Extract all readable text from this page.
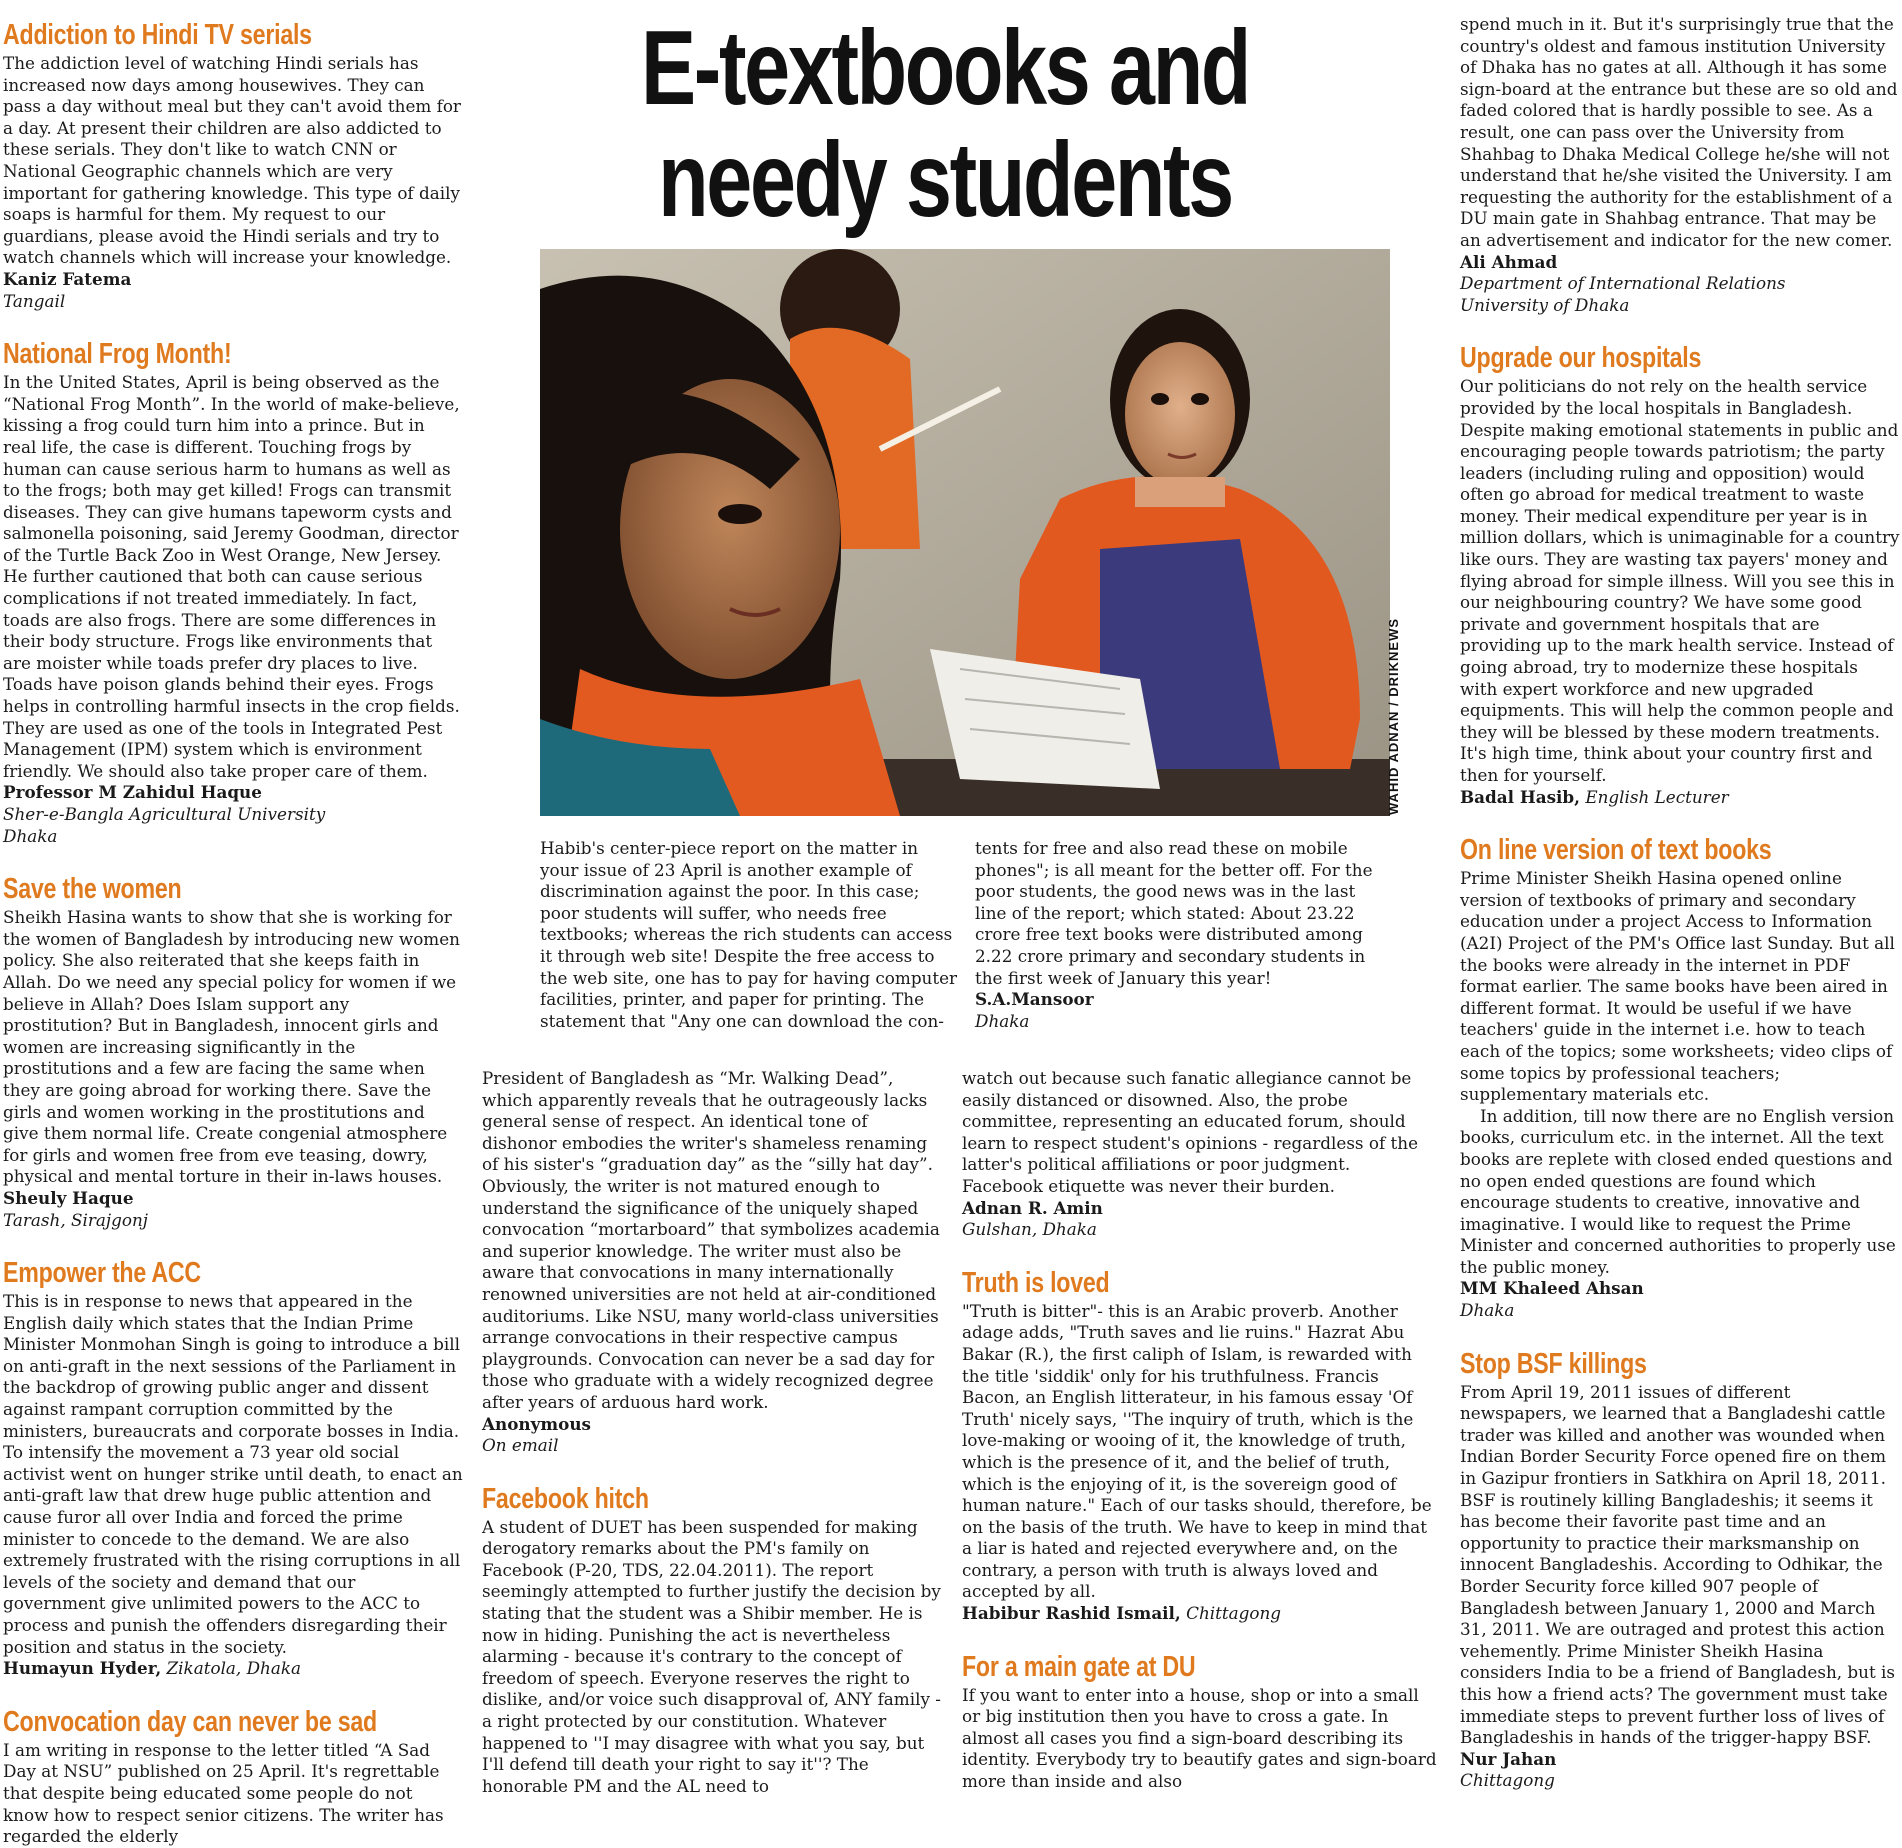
E-textbooks and needy students
WAHID ADNAN / DRIKNEWS
Addiction to Hindi TV serials

The addiction level of watching Hindi serials has increased now days among housewives. They can pass a day without meal but they can't avoid them for a day. At present their children are also addicted to these serials. They don't like to watch CNN or National Geographic channels which are very important for gathering knowledge. This type of daily soaps is harmful for them. My request to our guardians, please avoid the Hindi serials and try to watch channels which will increase your knowledge.

Kaniz Fatema

Tangail

National Frog Month!

In the United States, April is being observed as the “National Frog Month”. In the world of make-believe, kissing a frog could turn him into a prince. But in real life, the case is different. Touching frogs by human can cause serious harm to humans as well as to the frogs; both may get killed! Frogs can transmit diseases. They can give humans tapeworm cysts and salmonella poisoning, said Jeremy Goodman, director of the Turtle Back Zoo in West Orange, New Jersey. He further cautioned that both can cause serious complications if not treated immediately. In fact, toads are also frogs. There are some differences in their body structure. Frogs like environments that are moister while toads prefer dry places to live. Toads have poison glands behind their eyes. Frogs helps in controlling harmful insects in the crop fields. They are used as one of the tools in Integrated Pest Management (IPM) system which is environment friendly. We should also take proper care of them.

Professor M Zahidul Haque

Sher-e-Bangla Agricultural University

Dhaka

Save the women

Sheikh Hasina wants to show that she is working for the women of Bangladesh by introducing new women policy. She also reiterated that she keeps faith in Allah. Do we need any special policy for women if we believe in Allah? Does Islam support any prostitution? But in Bangladesh, innocent girls and women are increasing significantly in the prostitutions and a few are facing the same when they are going abroad for working there. Save the girls and women working in the prostitutions and give them normal life. Create congenial atmosphere for girls and women free from eve teasing, dowry, physical and mental torture in their in-laws houses.

Sheuly Haque

Tarash, Sirajgonj

Empower the ACC

This is in response to news that appeared in the English daily which states that the Indian Prime Minister Monmohan Singh is going to introduce a bill on anti-graft in the next sessions of the Parliament in the backdrop of growing public anger and dissent against rampant corruption committed by the ministers, bureaucrats and corporate bosses in India. To intensify the movement a 73 year old social activist went on hunger strike until death, to enact an anti-graft law that drew huge public attention and cause furor all over India and forced the prime minister to concede to the demand. We are also extremely frustrated with the rising corruptions in all levels of the society and demand that our government give unlimited powers to the ACC to process and punish the offenders disregarding their position and status in the society.

Humayun Hyder, Zikatola, Dhaka

Convocation day can never be sad

I am writing in response to the letter titled “A Sad Day at NSU” published on 25 April. It's regrettable that despite being educated some people do not know how to respect senior citizens. The writer has regarded the elderly

Habib's center-piece report on the matter in your issue of 23 April is another example of discrimination against the poor. In this case; poor students will suffer, who needs free textbooks; whereas the rich students can access it through web site! Despite the free access to the web site, one has to pay for having computer facilities, printer, and paper for printing. The statement that "Any one can download the con-

tents for free and also read these on mobile phones"; is all meant for the better off. For the poor students, the good news was in the last line of the report; which stated: About 23.22 crore free text books were distributed among 2.22 crore primary and secondary students in the first week of January this year!

S.A.Mansoor

Dhaka

President of Bangladesh as “Mr. Walking Dead”, which apparently reveals that he outrageously lacks general sense of respect. An identical tone of dishonor embodies the writer's shameless renaming of his sister's “graduation day” as the “silly hat day”. Obviously, the writer is not matured enough to understand the significance of the uniquely shaped convocation “mortarboard” that symbolizes academia and superior knowledge. The writer must also be aware that convocations in many internationally renowned universities are not held at air-conditioned auditoriums. Like NSU, many world-class universities arrange convocations in their respective campus playgrounds. Convocation can never be a sad day for those who graduate with a widely recognized degree after years of arduous hard work.

Anonymous

On email

Facebook hitch

A student of DUET has been suspended for making derogatory remarks about the PM's family on Facebook (P-20, TDS, 22.04.2011). The report seemingly attempted to further justify the decision by stating that the student was a Shibir member. He is now in hiding. Punishing the act is nevertheless alarming - because it's contrary to the concept of freedom of speech. Everyone reserves the right to dislike, and/or voice such disapproval of, ANY family - a right protected by our constitution. Whatever happened to ''I may disagree with what you say, but I'll defend till death your right to say it''? The honorable PM and the AL need to

watch out because such fanatic allegiance cannot be easily distanced or disowned. Also, the probe committee, representing an educated forum, should learn to respect student's opinions - regardless of the latter's political affiliations or poor judgment.

Facebook etiquette was never their burden.

Adnan R. Amin

Gulshan, Dhaka

Truth is loved

"Truth is bitter"- this is an Arabic proverb. Another adage adds, "Truth saves and lie ruins." Hazrat Abu Bakar (R.), the first caliph of Islam, is rewarded with the title 'siddik' only for his truthfulness. Francis Bacon, an English litterateur, in his famous essay 'Of Truth' nicely says, ''The inquiry of truth, which is the love-making or wooing of it, the knowledge of truth, which is the presence of it, and the belief of truth, which is the enjoying of it, is the sovereign good of human nature." Each of our tasks should, therefore, be on the basis of the truth. We have to keep in mind that a liar is hated and rejected everywhere and, on the contrary, a person with truth is always loved and accepted by all.

Habibur Rashid Ismail, Chittagong

For a main gate at DU

If you want to enter into a house, shop or into a small or big institution then you have to cross a gate. In almost all cases you find a sign-board describing its identity. Everybody try to beautify gates and sign-board more than inside and also

spend much in it. But it's surprisingly true that the country's oldest and famous institution University of Dhaka has no gates at all. Although it has some sign-board at the entrance but these are so old and faded colored that is hardly possible to see. As a result, one can pass over the University from Shahbag to Dhaka Medical College he/she will not understand that he/she visited the University. I am requesting the authority for the establishment of a DU main gate in Shahbag entrance. That may be an advertisement and indicator for the new comer.

Ali Ahmad

Department of International Relations

University of Dhaka

Upgrade our hospitals

Our politicians do not rely on the health service provided by the local hospitals in Bangladesh. Despite making emotional statements in public and encouraging people towards patriotism; the party leaders (including ruling and opposition) would often go abroad for medical treatment to waste money. Their medical expenditure per year is in million dollars, which is unimaginable for a country like ours. They are wasting tax payers' money and flying abroad for simple illness. Will you see this in our neighbouring country? We have some good private and government hospitals that are providing up to the mark health service. Instead of going abroad, try to modernize these hospitals with expert workforce and new upgraded equipments. This will help the common people and they will be blessed by these modern treatments. It's high time, think about your country first and then for yourself.

Badal Hasib, English Lecturer

On line version of text books

Prime Minister Sheikh Hasina opened online version of textbooks of primary and secondary education under a project Access to Information (A2I) Project of the PM's Office last Sunday. But all the books were already in the internet in PDF format earlier. The same books have been aired in different format. It would be useful if we have teachers' guide in the internet i.e. how to teach each of the topics; some worksheets; video clips of some topics by professional teachers; supplementary materials etc.

In addition, till now there are no English version books, curriculum etc. in the internet. All the text books are replete with closed ended questions and no open ended questions are found which encourage students to creative, innovative and imaginative. I would like to request the Prime Minister and concerned authorities to properly use the public money.

MM Khaleed Ahsan

Dhaka

Stop BSF killings

From April 19, 2011 issues of different newspapers, we learned that a Bangladeshi cattle trader was killed and another was wounded when Indian Border Security Force opened fire on them in Gazipur frontiers in Satkhira on April 18, 2011. BSF is routinely killing Bangladeshis; it seems it has become their favorite past time and an opportunity to practice their marksmanship on innocent Bangladeshis. According to Odhikar, the Border Security force killed 907 people of Bangladesh between January 1, 2000 and March 31, 2011. We are outraged and protest this action vehemently. Prime Minister Sheikh Hasina considers India to be a friend of Bangladesh, but is this how a friend acts? The government must take immediate steps to prevent further loss of lives of Bangladeshis in hands of the trigger-happy BSF.

Nur Jahan

Chittagong
